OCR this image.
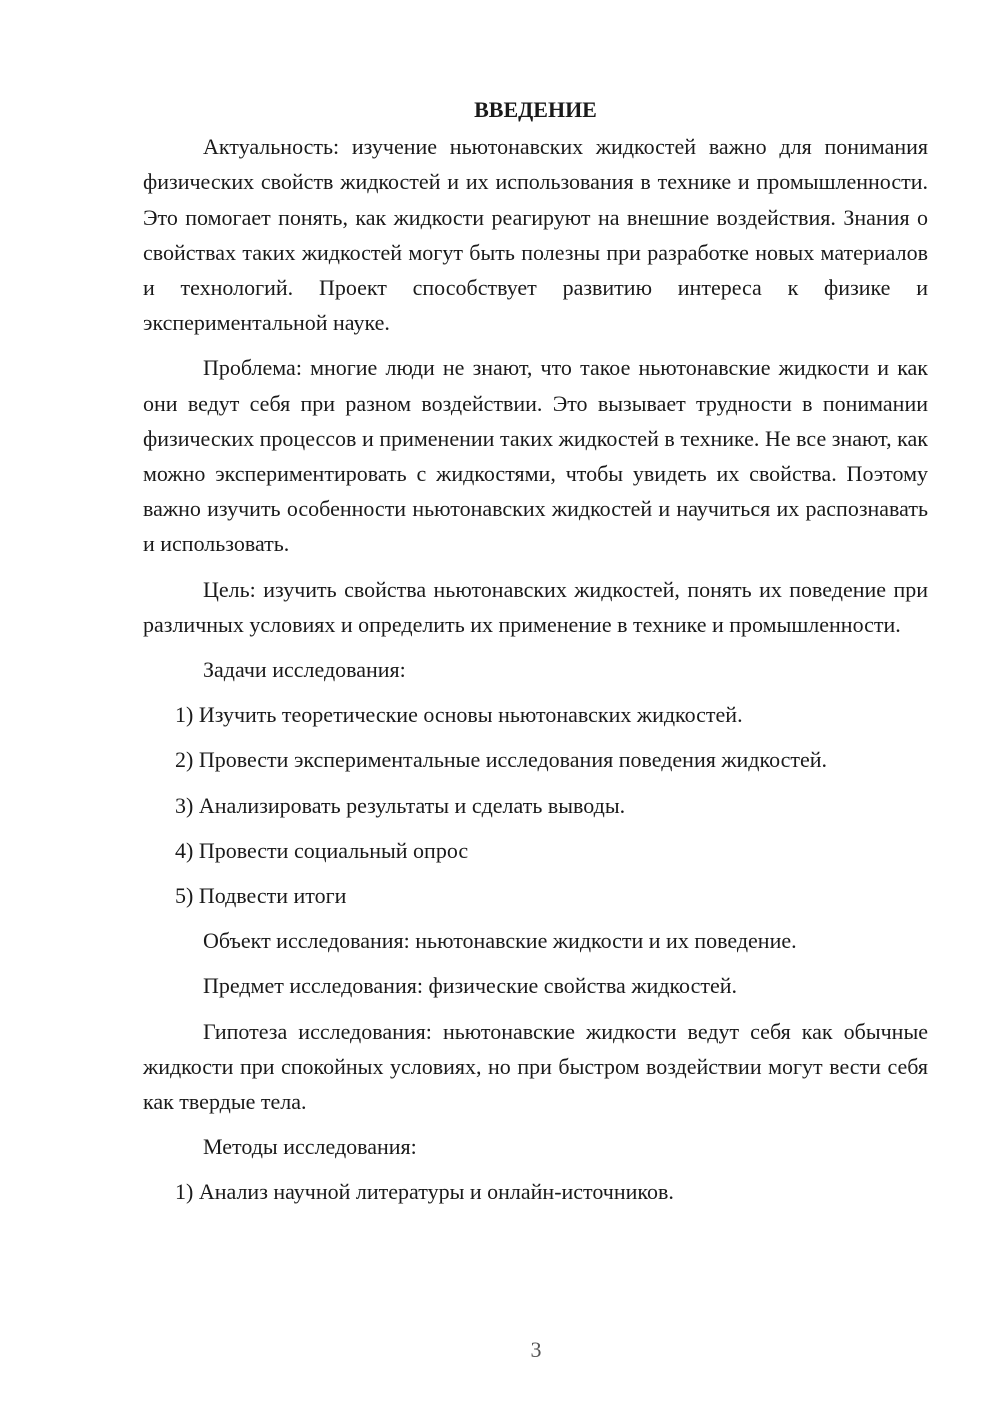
ВВЕДЕНИЕ

Актуальность: изучение ньютонавских жидкостей важно для понимания физических свойств жидкостей и их использования в технике и промышленности. Это помогает понять, как жидкости реагируют на внешние воздействия. Знания о свойствах таких жидкостей могут быть полезны при разработке новых материалов и технологий. Проект способствует развитию интереса к физике и экспериментальной науке.

Проблема: многие люди не знают, что такое ньютонавские жидкости и как они ведут себя при разном воздействии. Это вызывает трудности в понимании физических процессов и применении таких жидкостей в технике. Не все знают, как можно экспериментировать с жидкостями, чтобы увидеть их свойства. Поэтому важно изучить особенности ньютонавских жидкостей и научиться их распознавать и использовать.

Цель: изучить свойства ньютонавских жидкостей, понять их поведение при различных условиях и определить их применение в технике и промышленности.

Задачи исследования:
1) Изучить теоретические основы ньютонавских жидкостей.
2) Провести экспериментальные исследования поведения жидкостей.
3) Анализировать результаты и сделать выводы.
4) Провести социальный опрос
5) Подвести итоги
Объект исследования: ньютонавские жидкости и их поведение.
Предмет исследования: физические свойства жидкостей.

Гипотеза исследования: ньютонавские жидкости ведут себя как обычные жидкости при спокойных условиях, но при быстром воздействии могут вести себя как твердые тела.

Методы исследования:
1) Анализ научной литературы и онлайн-источников.
3
